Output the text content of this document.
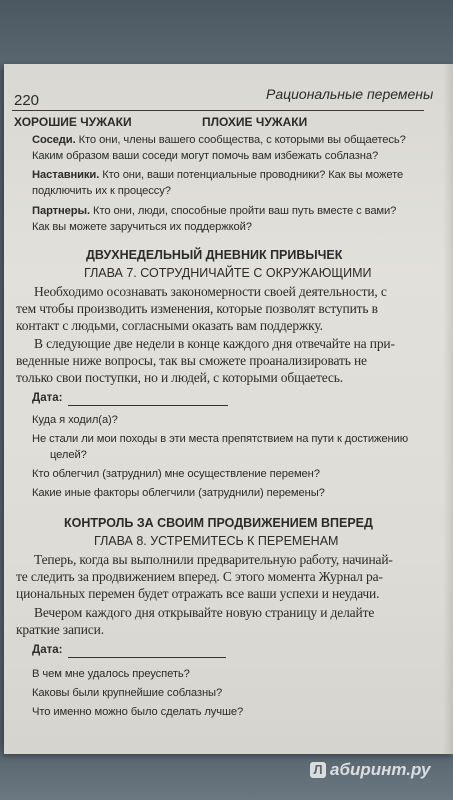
220	Рациональные перемены
ХОРОШИЕ ЧУЖАКИ	ПЛОХИЕ ЧУЖАКИ
Соседи. Кто они, члены вашего сообщества, с которыми вы общаетесь?
Каким образом ваши соседи могут помочь вам избежать соблазна?
Наставники. Кто они, ваши потенциальные проводники? Как вы можете
подключить их к процессу?
Партнеры. Кто они, люди, способные пройти ваш путь вместе с вами?
Как вы можете заручиться их поддержкой?
ДВУХНЕДЕЛЬНЫЙ ДНЕВНИК ПРИВЫЧЕК
ГЛАВА 7. СОТРУДНИЧАЙТЕ С ОКРУЖАЮЩИМИ
Необходимо осознавать закономерности своей деятельности, с
тем чтобы производить изменения, которые позволят вступить в
контакт с людьми, согласными оказать вам поддержку.
В следующие две недели в конце каждого дня отвечайте на при-
веденные ниже вопросы, так вы сможете проанализировать не
только свои поступки, но и людей, с которыми общаетесь.
Дата:
Куда я ходил(а)?
Не стали ли мои походы в эти места препятствием на пути к достижению
целей?
Кто облегчил (затруднил) мне осуществление перемен?
Какие иные факторы облегчили (затруднили) перемены?
КОНТРОЛЬ ЗА СВОИМ ПРОДВИЖЕНИЕМ ВПЕРЕД
ГЛАВА 8. УСТРЕМИТЕСЬ К ПЕРЕМЕНАМ
Теперь, когда вы выполнили предварительную работу, начинай-
те следить за продвижением вперед. С этого момента Журнал ра-
циональных перемен будет отражать все ваши успехи и неудачи.
Вечером каждого дня открывайте новую страницу и делайте
краткие записи.
Дата:
В чем мне удалось преуспеть?
Каковы были крупнейшие соблазны?
Что именно можно было сделать лучше?
Л абиринт.ру
